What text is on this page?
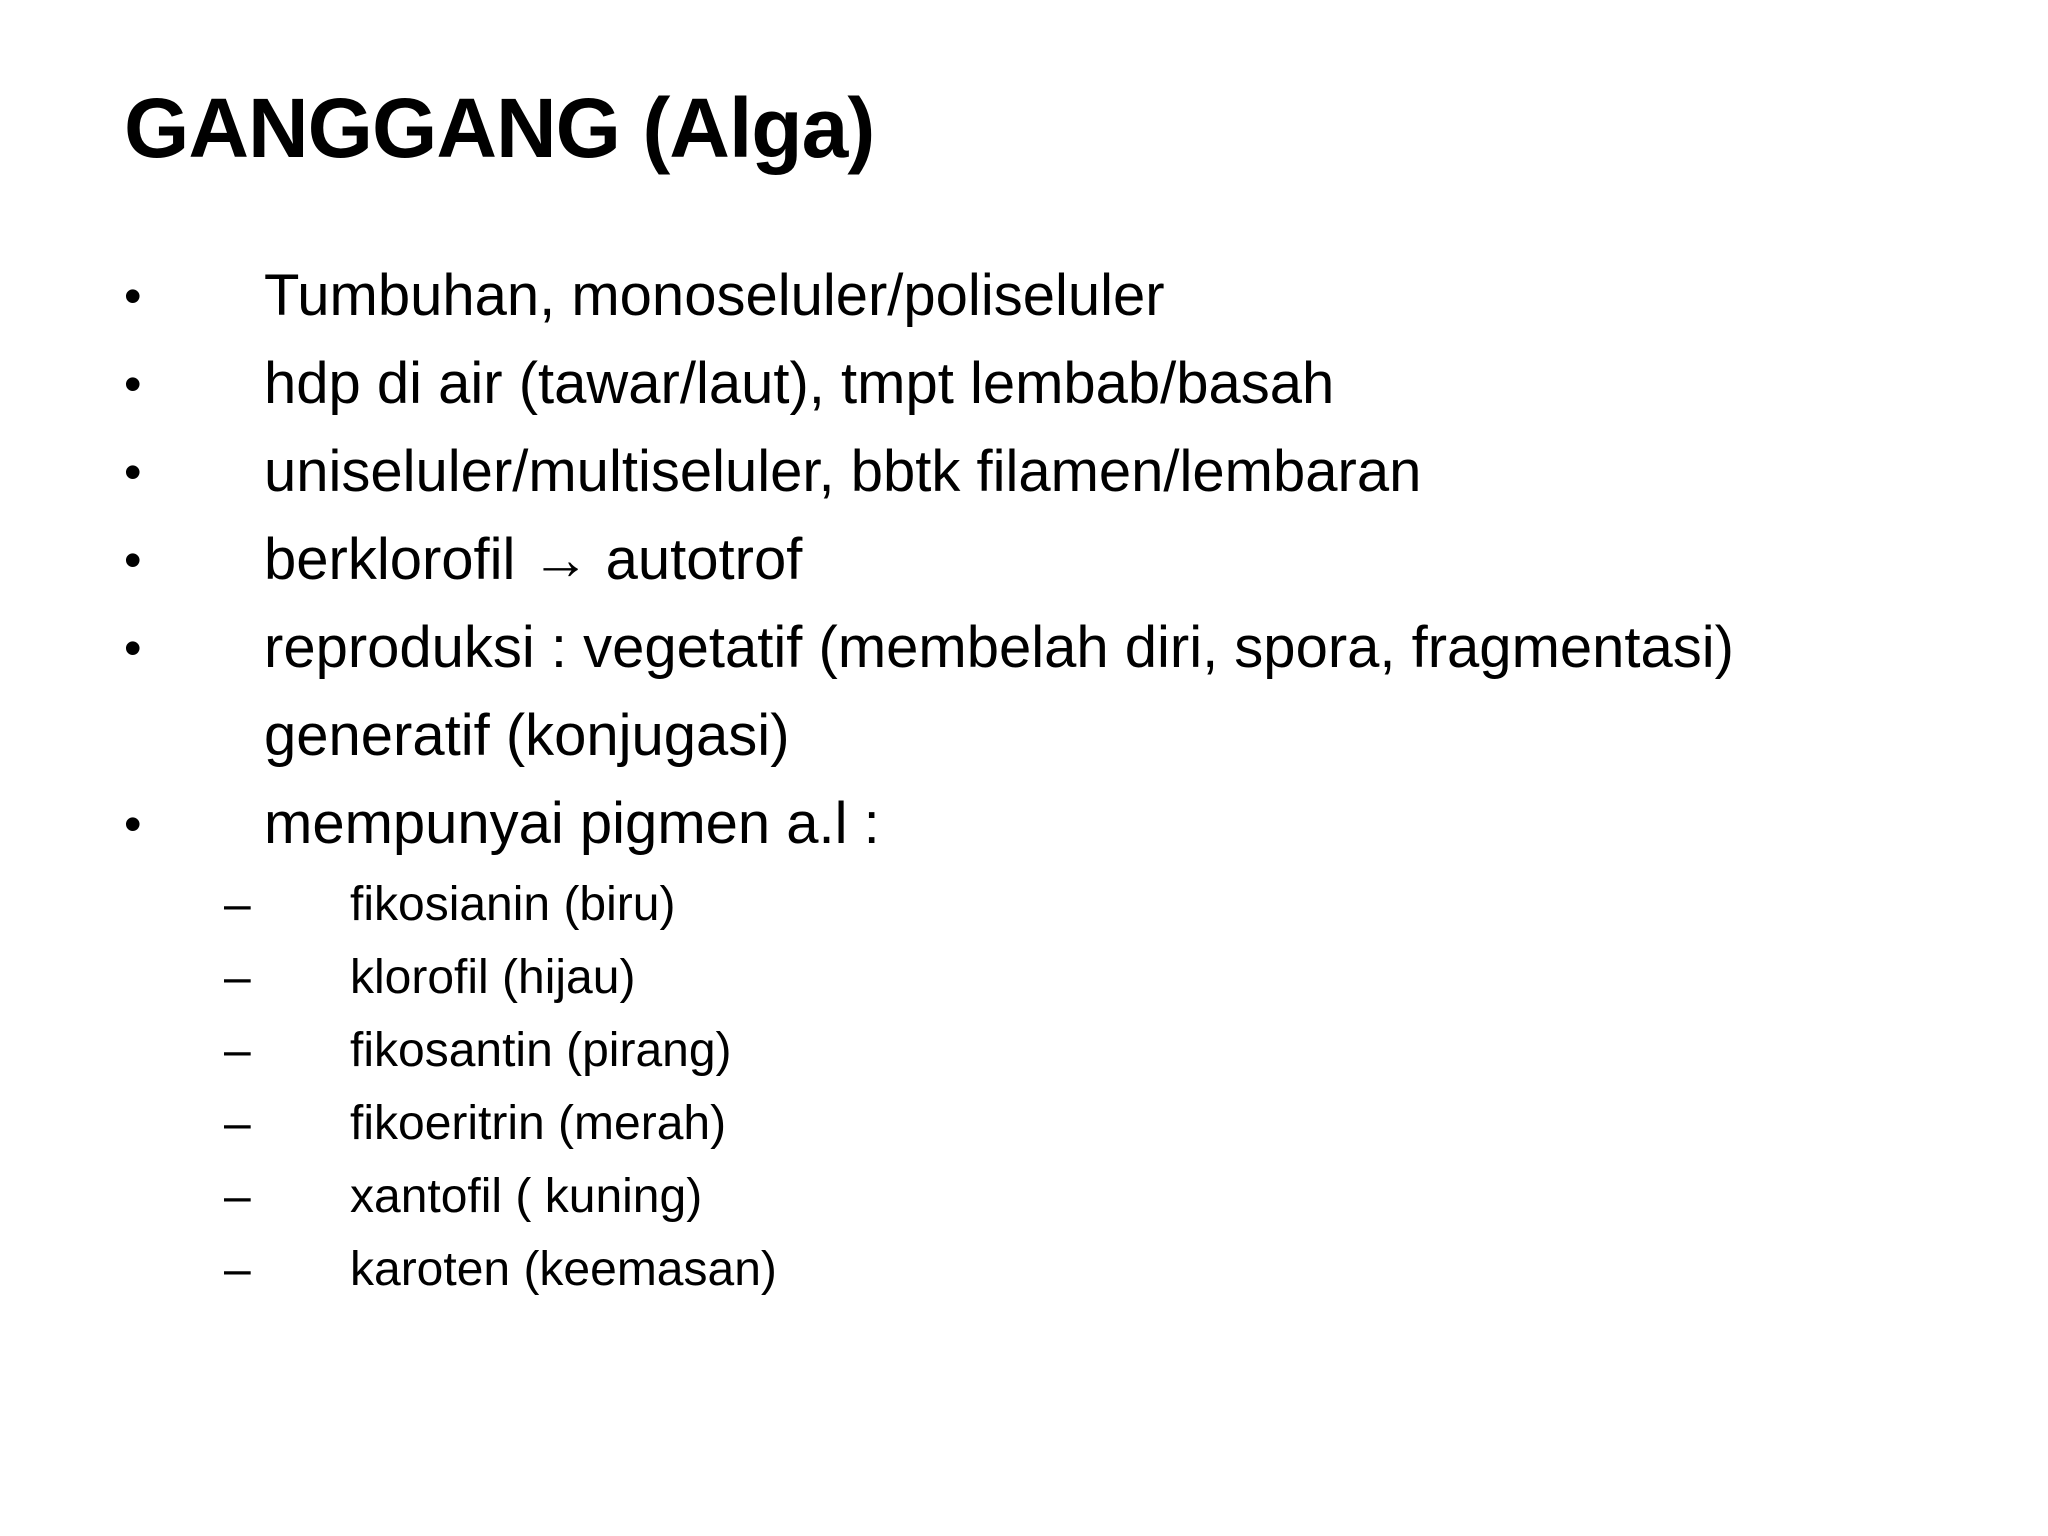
GANGGANG (Alga)
•	Tumbuhan, monoseluler/poliseluler
•	hdp di air (tawar/laut), tmpt lembab/basah
•	uniseluler/multiseluler, bbtk filamen/lembaran
•	berklorofil → autotrof
•	reproduksi : vegetatif (membelah diri, spora, fragmentasi)
generatif (konjugasi)
•	mempunyai pigmen a.l :
– fikosianin (biru)
– klorofil (hijau)
– fikosantin (pirang)
– fikoeritrin (merah)
– xantofil ( kuning)
– karoten (keemasan)
